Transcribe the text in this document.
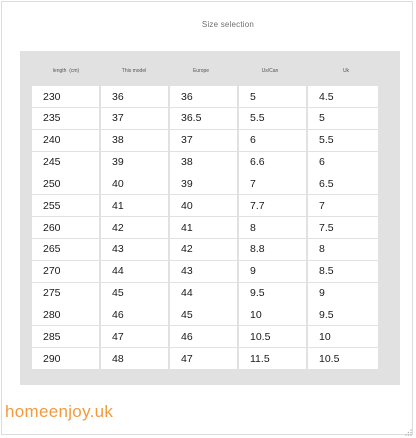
Size selection
length  (cm)	This model	Europe	Us/Can	Uk
230	36	36	5	4.5
235	37	36.5	5.5	5
240	38	37	6	5.5
245	39	38	6.6	6
250	40	39	7	6.5
255	41	40	7.7	7
260	42	41	8	7.5
265	43	42	8.8	8
270	44	43	9	8.5
275	45	44	9.5	9
280	46	45	10	9.5
285	47	46	10.5	10
290	48	47	11.5	10.5
homeenjoy.uk
